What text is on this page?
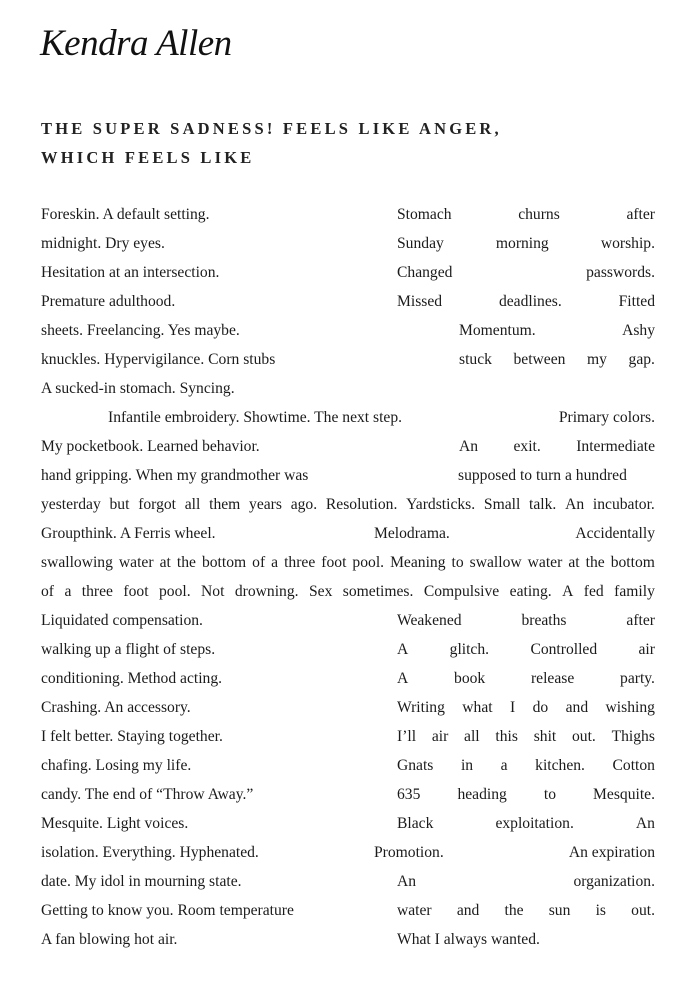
Kendra Allen
THE SUPER SADNESS! FEELS LIKE ANGER,
WHICH FEELS LIKE
Foreskin. A default setting.	Stomach	churns	after
midnight. Dry eyes.	Sunday	morning	worship.
Hesitation at an intersection.	Changed	passwords.
Premature adulthood.	Missed	deadlines.	Fitted
sheets. Freelancing. Yes maybe.	Momentum.	Ashy
knuckles. Hypervigilance. Corn stubs	stuck between my gap.
A sucked-in stomach. Syncing.
Infantile embroidery. Showtime. The next step.	Primary colors.
My pocketbook. Learned behavior.	An exit. Intermediate
hand gripping. When my grandmother was	supposed to turn a hundred
yesterday but forgot all them years ago. Resolution. Yardsticks. Small talk. An incubator.
Groupthink. A Ferris wheel.	Melodrama.	Accidentally
swallowing water at the bottom of a three foot pool. Meaning to swallow water at the bottom
of a three foot pool. Not drowning. Sex sometimes. Compulsive eating. A fed family
Liquidated compensation.	Weakened	breaths	after
walking up a flight of steps.	A	glitch.	Controlled	air
conditioning. Method acting.	A	book	release	party.
Crashing. An accessory.	Writing what I do and wishing
I felt better. Staying together.	I’ll air all this shit out. Thighs
chafing. Losing my life.	Gnats in a kitchen. Cotton
candy. The end of “Throw Away.”	635 heading to Mesquite.
Mesquite. Light voices.	Black	exploitation.	An
isolation. Everything. Hyphenated.	Promotion.	An expiration
date. My idol in mourning state.	An	organization.
Getting to know you. Room temperature	water and the sun is out.
A fan blowing hot air.	What I always wanted.
